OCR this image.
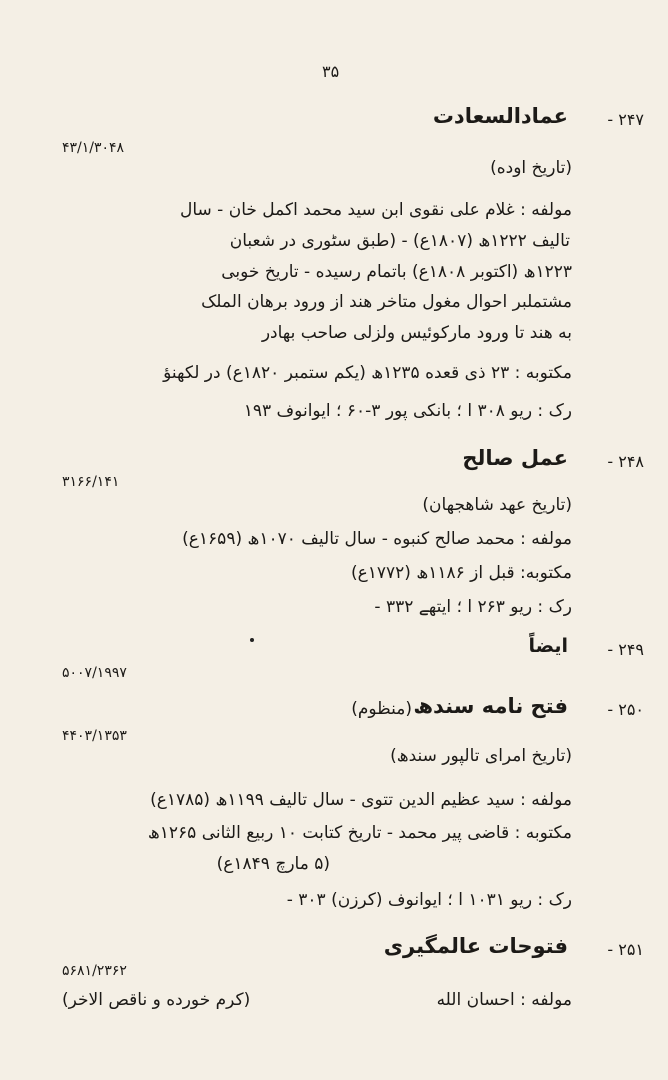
۳۵
۲۴۷ -
عمادالسعادت
۴۳/۱/۳۰۴۸
(تاریخ اوده)
مولفه : غلام علی نقوی ابن سید محمد اکمل خان - سال
تالیف ۱۲۲۲ھ (۱۸۰۷ع) - (طبق سٹوری در شعبان
۱۲۲۳ھ (اکتوبر ۱۸۰۸ع) باتمام رسیده - تاریخ خوبی
مشتملبر احوال مغول متاخر هند از ورود برهان الملک
به هند تا ورود مارکوئیس ولزلی صاحب بهادر
مکتوبه : ۲۳ ذی قعده ۱۲۳۵ھ (یکم ستمبر ۱۸۲۰ع) در لکهنؤ
رک : ریو ۳۰۸ ا ؛ بانکی پور ۳-۶۰ ؛ ایوانوف ۱۹۳
۲۴۸ -
عمل صالح
۳۱۶۶/۱۴۱
(تاریخ عهد شاهجهان)
مولفه : محمد صالح کنبوه - سال تالیف ۱۰۷۰ھ (۱۶۵۹ع)
مکتوبه: قبل از ۱۱۸۶ھ (۱۷۷۲ع)
رک : ریو ۲۶۳ ا ؛ ایتهے ۳۳۲ -
۲۴۹ -
ایضاً
۵۰۰۷/۱۹۹۷
۲۵۰ -
فتح نامه سندھ
(منظوم)
۴۴۰۳/۱۳۵۳
(تاریخ امرای تالپور سندھ)
مولفه : سید عظیم الدین تتوی - سال تالیف ۱۱۹۹ھ (۱۷۸۵ع)
مکتوبه : قاضی پیر محمد - تاریخ کتابت ۱۰ ربیع الثانی ۱۲۶۵ھ
(۵ مارچ ۱۸۴۹ع)
رک : ریو ۱۰۳۱ ا ؛ ایوانوف (کرزن) ۳۰۳ -
۲۵۱ -
فتوحات عالمگیری
۵۶۸۱/۲۳۶۲
مولفه : احسان الله
(کرم خورده و ناقص الاخر)
